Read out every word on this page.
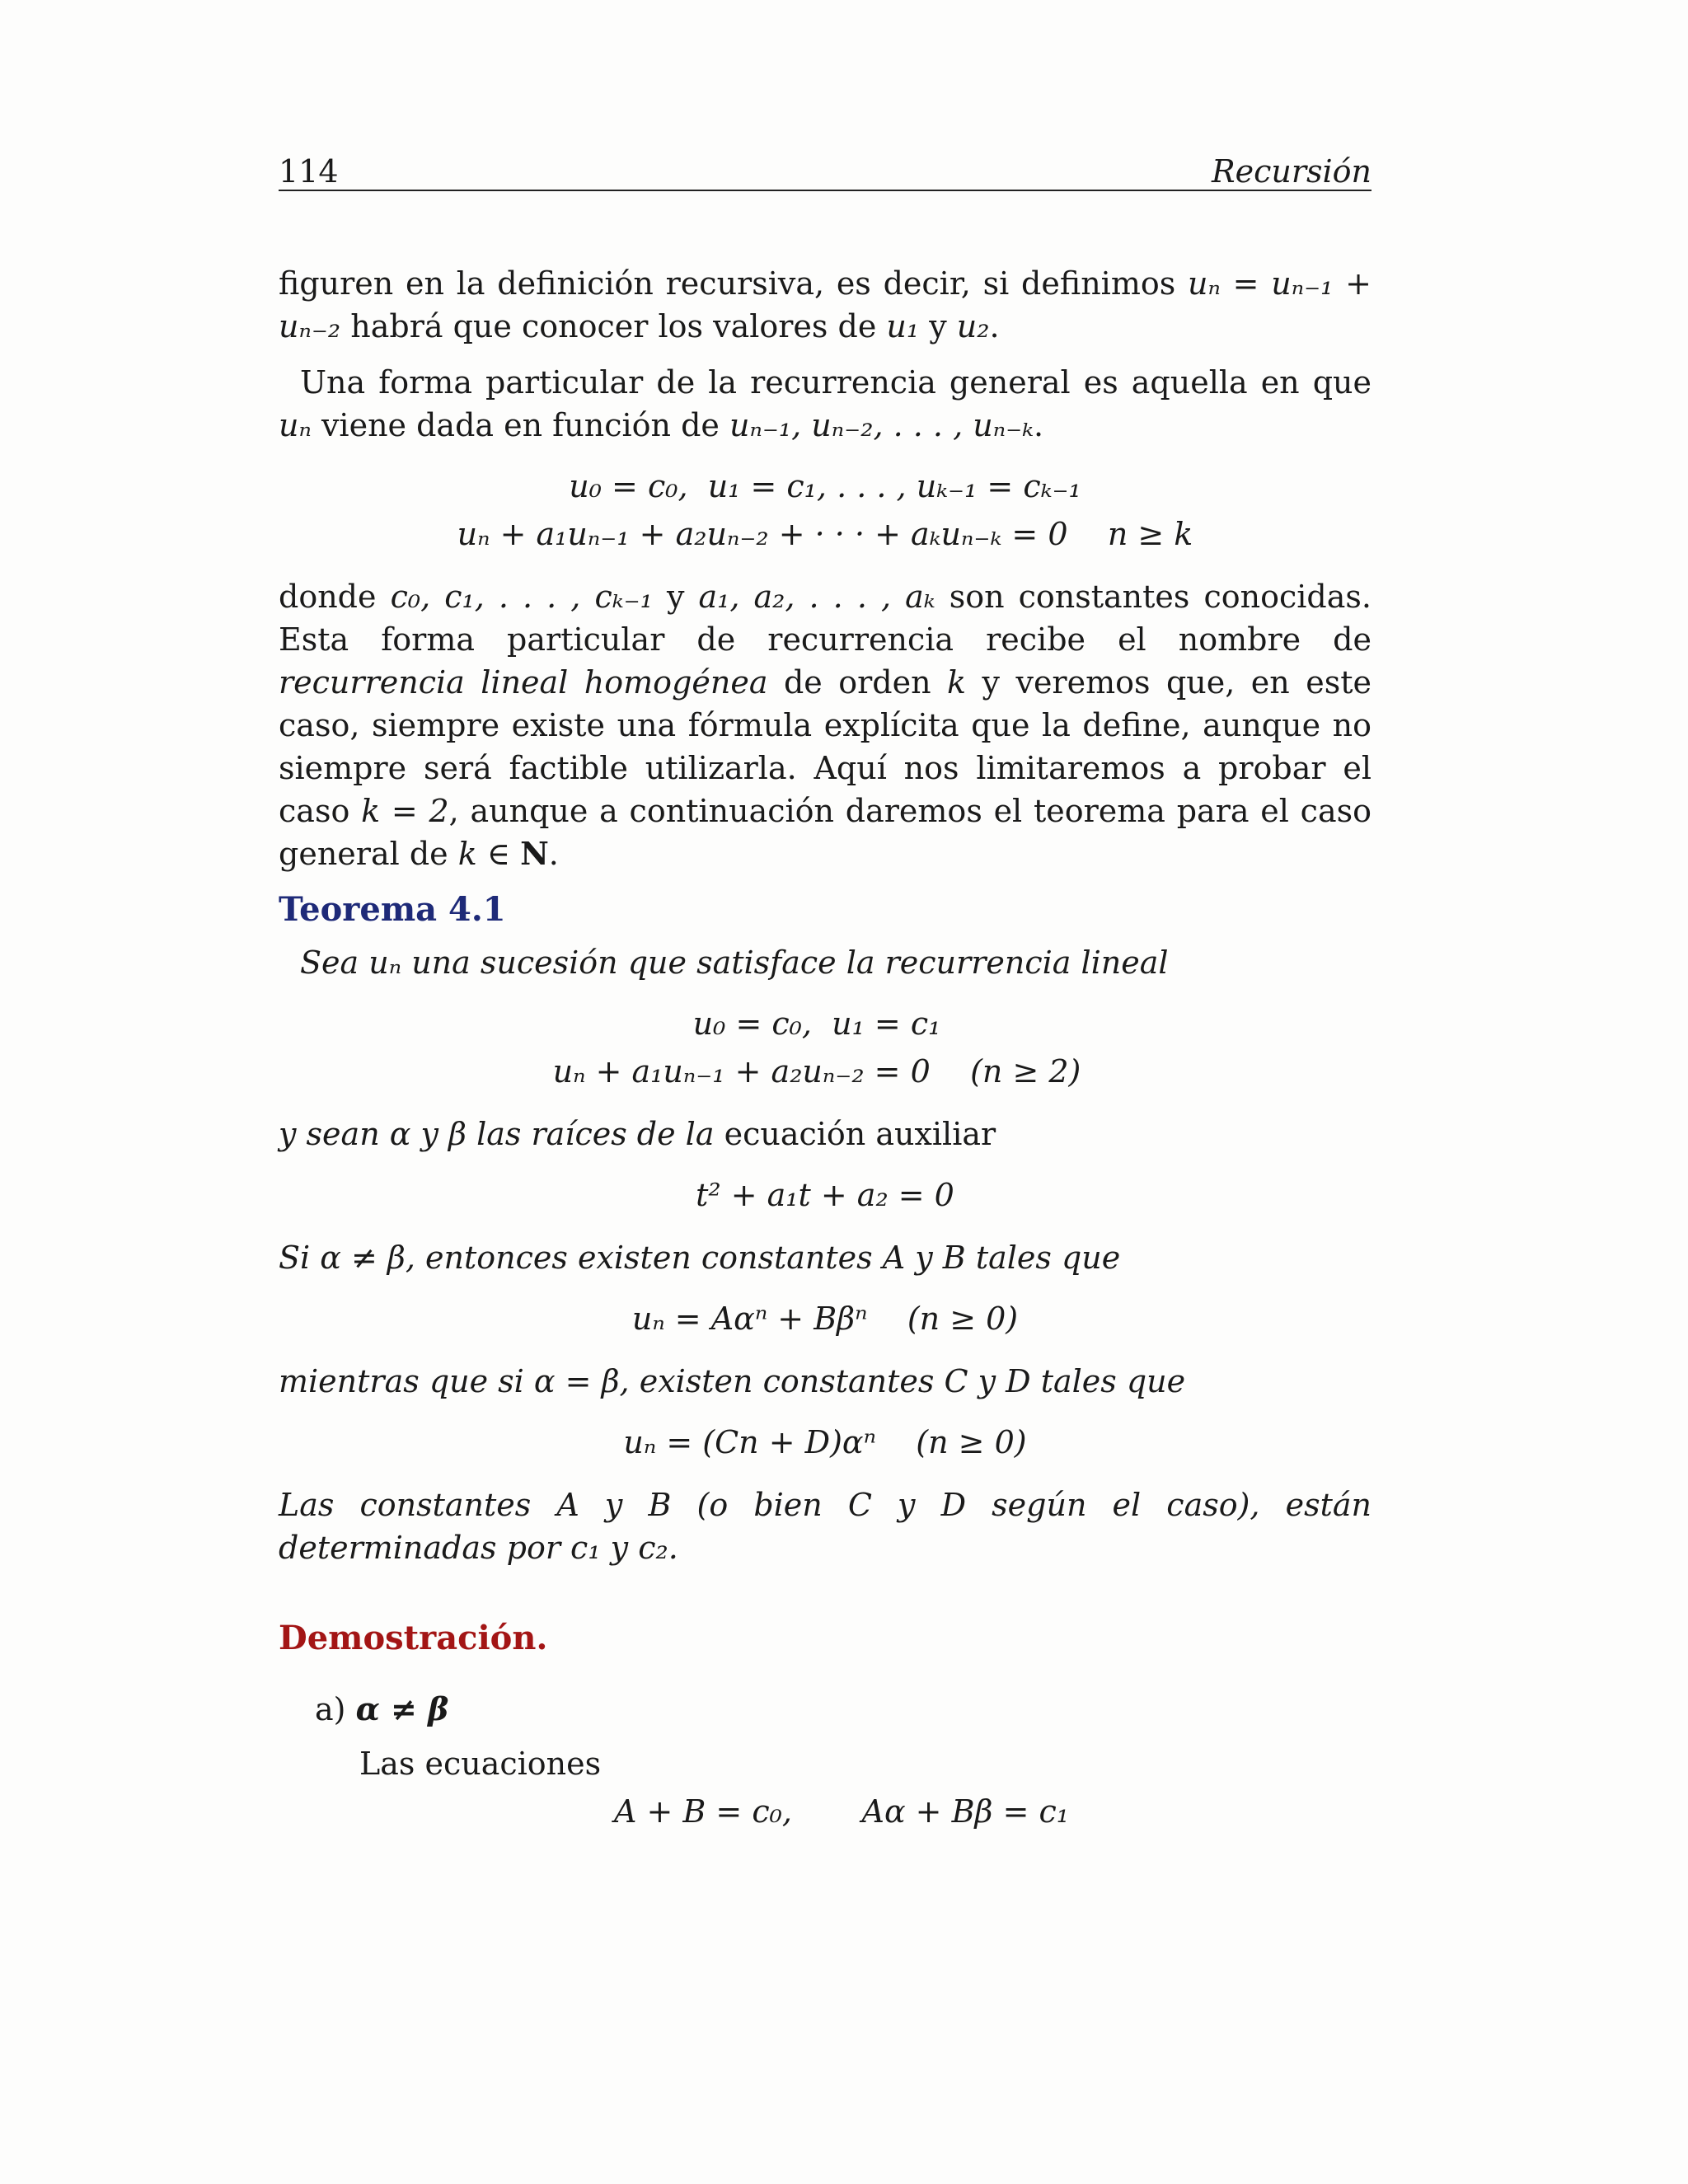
114	Recursión

figuren en la definición recursiva, es decir, si definimos uₙ = uₙ₋₁ + uₙ₋₂ habrá que conocer los valores de u₁ y u₂.

Una forma particular de la recurrencia general es aquella en que uₙ viene dada en función de uₙ₋₁, uₙ₋₂, . . . , uₙ₋ₖ.

u₀ = c₀,  u₁ = c₁, . . . , uₖ₋₁ = cₖ₋₁
uₙ + a₁uₙ₋₁ + a₂uₙ₋₂ + · · · + aₖuₙ₋ₖ = 0    n ≥ k

donde c₀, c₁, . . . , cₖ₋₁ y a₁, a₂, . . . , aₖ son constantes conocidas. Esta forma particular de recurrencia recibe el nombre de recurrencia lineal homogénea de orden k y veremos que, en este caso, siempre existe una fórmula explícita que la define, aunque no siempre será factible utilizarla. Aquí nos limitaremos a probar el caso k = 2, aunque a continuación daremos el teorema para el caso general de k ∈ N.

Teorema 4.1

Sea uₙ una sucesión que satisface la recurrencia lineal

u₀ = c₀,  u₁ = c₁
uₙ + a₁uₙ₋₁ + a₂uₙ₋₂ = 0    (n ≥ 2)

y sean α y β las raíces de la ecuación auxiliar

t² + a₁t + a₂ = 0

Si α ≠ β, entonces existen constantes A y B tales que

uₙ = Aαⁿ + Bβⁿ    (n ≥ 0)

mientras que si α = β, existen constantes C y D tales que

uₙ = (Cn + D)αⁿ    (n ≥ 0)

Las constantes A y B (o bien C y D según el caso), están determinadas por c₁ y c₂.

Demostración.
a) α ≠ β
Las ecuaciones
A + B = c₀,       Aα + Bβ = c₁
